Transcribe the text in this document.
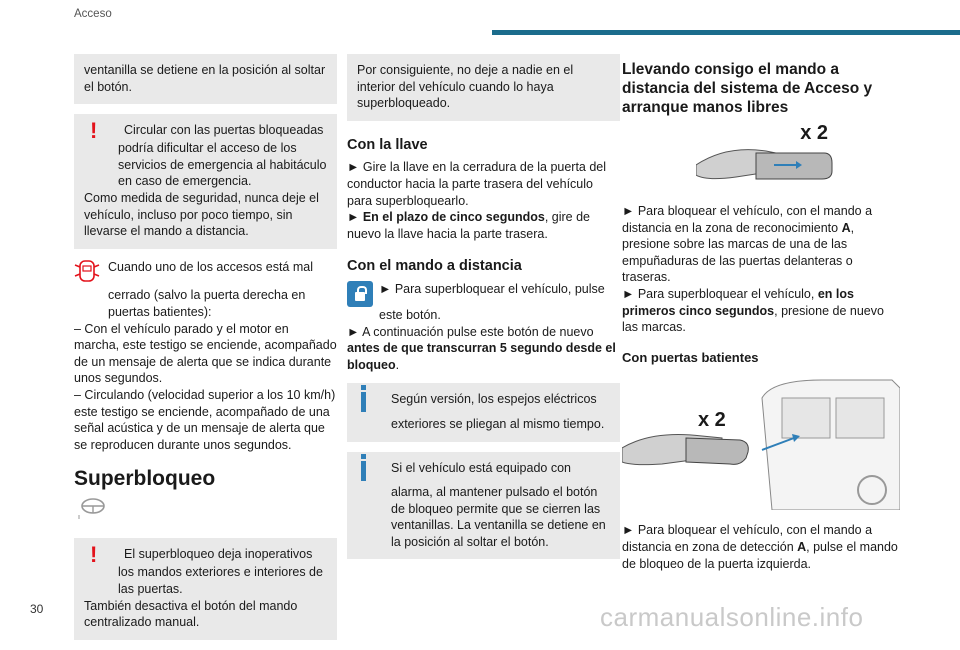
Acceso

ventanilla se detiene en la posición al soltar el botón.

! Circular con las puertas bloqueadas podría dificultar el acceso de los servicios de emergencia al habitáculo en caso de emergencia.

Como medida de seguridad, nunca deje el vehículo, incluso por poco tiempo, sin llevarse el mando a distancia.

Cuando uno de los accesos está mal cerrado (salvo la puerta derecha en puertas batientes):

– Con el vehículo parado y el motor en marcha, este testigo se enciende, acompañado de un mensaje de alerta que se indica durante unos segundos.

– Circulando (velocidad superior a los 10 km/h) este testigo se enciende, acompañado de una señal acústica y de un mensaje de alerta que se reproducen durante unos segundos.

Superbloqueo

! El superbloqueo deja inoperativos los mandos exteriores e interiores de las puertas.

También desactiva el botón del mando centralizado manual.

Por consiguiente, no deje a nadie en el interior del vehículo cuando lo haya superbloqueado.

Con la llave

► Gire la llave en la cerradura de la puerta del conductor hacia la parte trasera del vehículo para superbloquearlo.

► En el plazo de cinco segundos, gire de nuevo la llave hacia la parte trasera.

Con el mando a distancia

► Para superbloquear el vehículo, pulse este botón.

► A continuación pulse este botón de nuevo antes de que transcurran 5 segundo desde el bloqueo.

Según versión, los espejos eléctricos exteriores se pliegan al mismo tiempo.

Si el vehículo está equipado con alarma, al mantener pulsado el botón de bloqueo permite que se cierren las ventanillas. La ventanilla se detiene en la posición al soltar el botón.

Llevando consigo el mando a distancia del sistema de Acceso y arranque manos libres
x 2

► Para bloquear el vehículo, con el mando a distancia en la zona de reconocimiento A, presione sobre las marcas de una de las empuñaduras de las puertas delanteras o traseras.

► Para superbloquear el vehículo, en los primeros cinco segundos, presione de nuevo las marcas.

Con puertas batientes
x 2

► Para bloquear el vehículo, con el mando a distancia en zona de detección A, pulse el mando de bloqueo de la puerta izquierda.

30	carmanualsonline.info
